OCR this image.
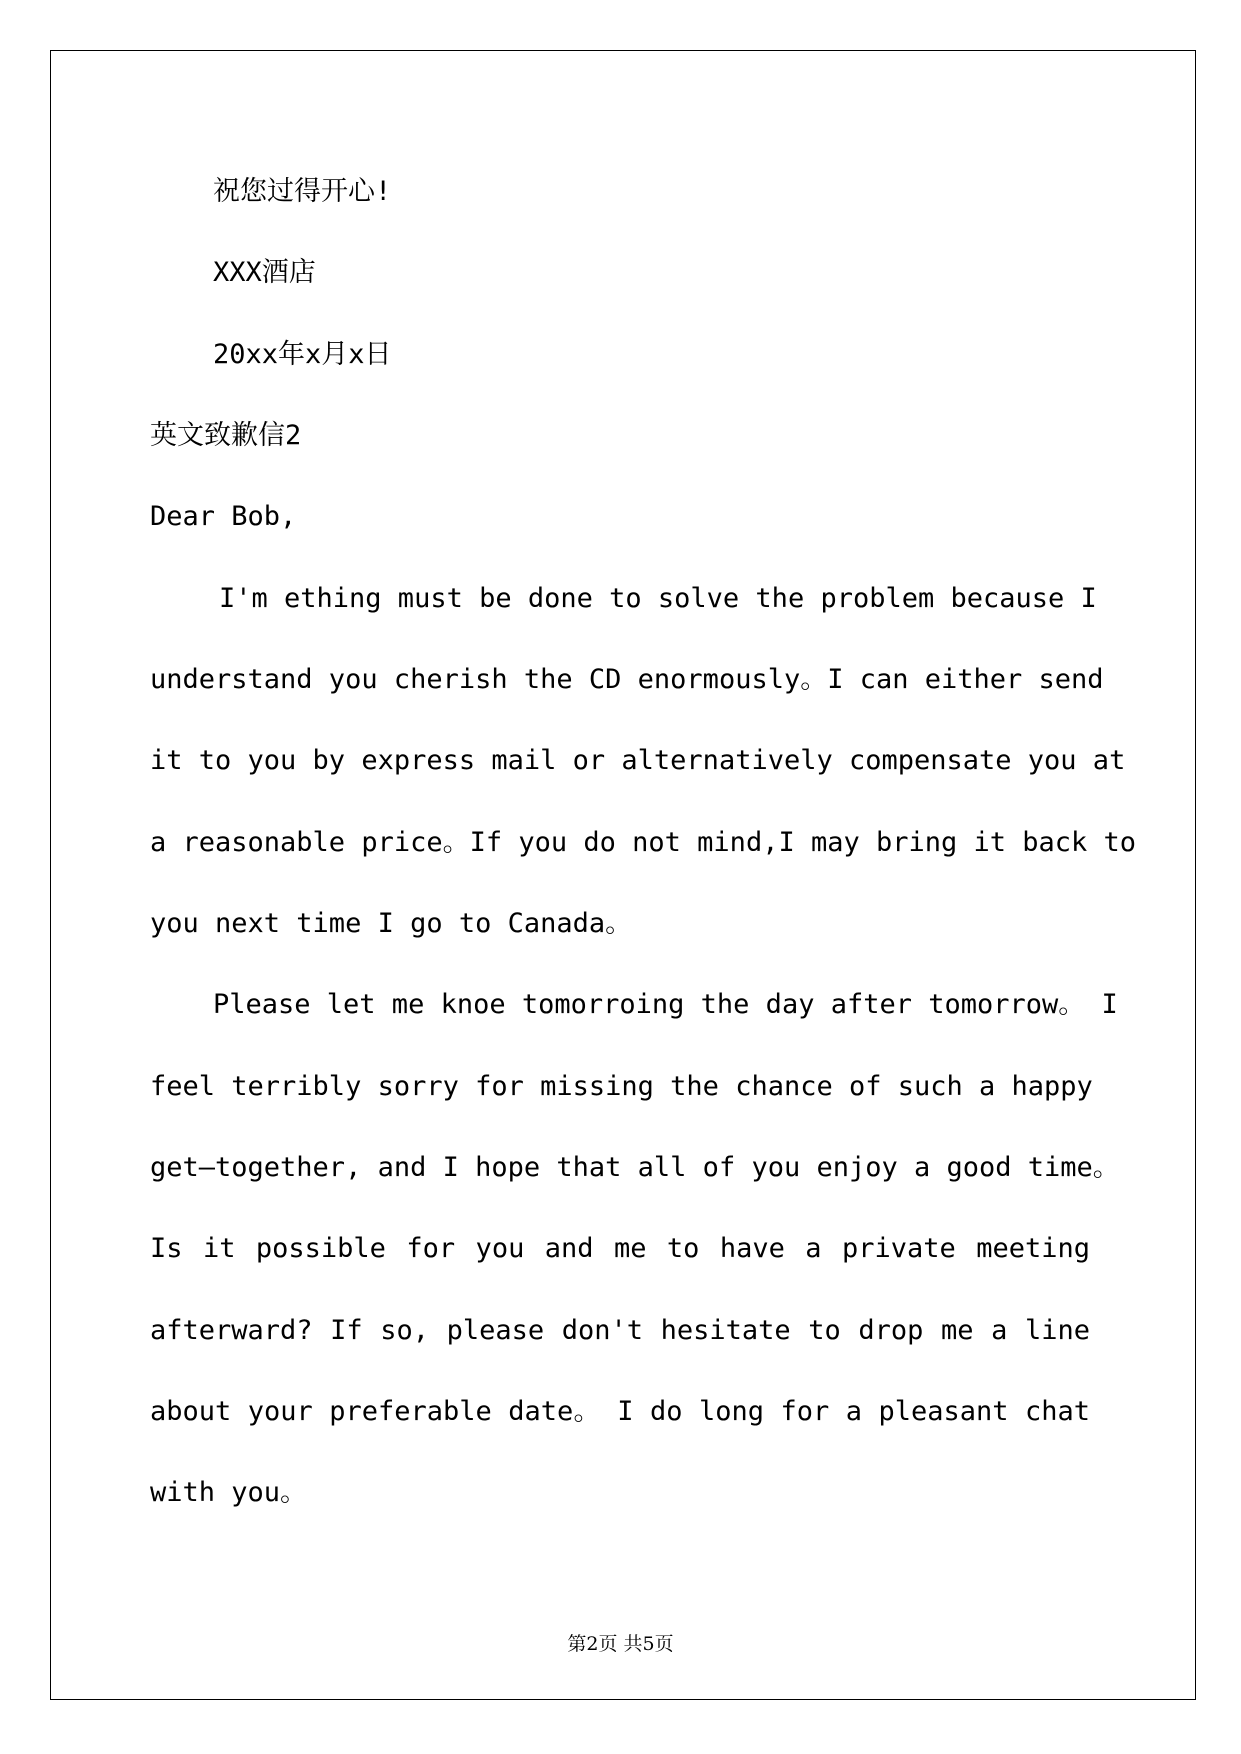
祝您过得开心!
XXX酒店
20xx年x月x日
英文致歉信2
Dear Bob,
I'm ething must be done to solve the problem because I
understand you cherish the CD enormously。I can either send
it to you by express mail or alternatively compensate you at
a reasonable price。If you do not mind,I may bring it back to
you next time I go to Canada。
Please let me knoe tomorroing the day after tomorrow。 I
feel terribly sorry for missing the chance of such a happy
get—together, and I hope that all of you enjoy a good time。
Is it possible for you and me to have a private meeting
afterward? If so, please don't hesitate to drop me a line
about your preferable date。 I do long for a pleasant chat
with you。
第2页 共5页
